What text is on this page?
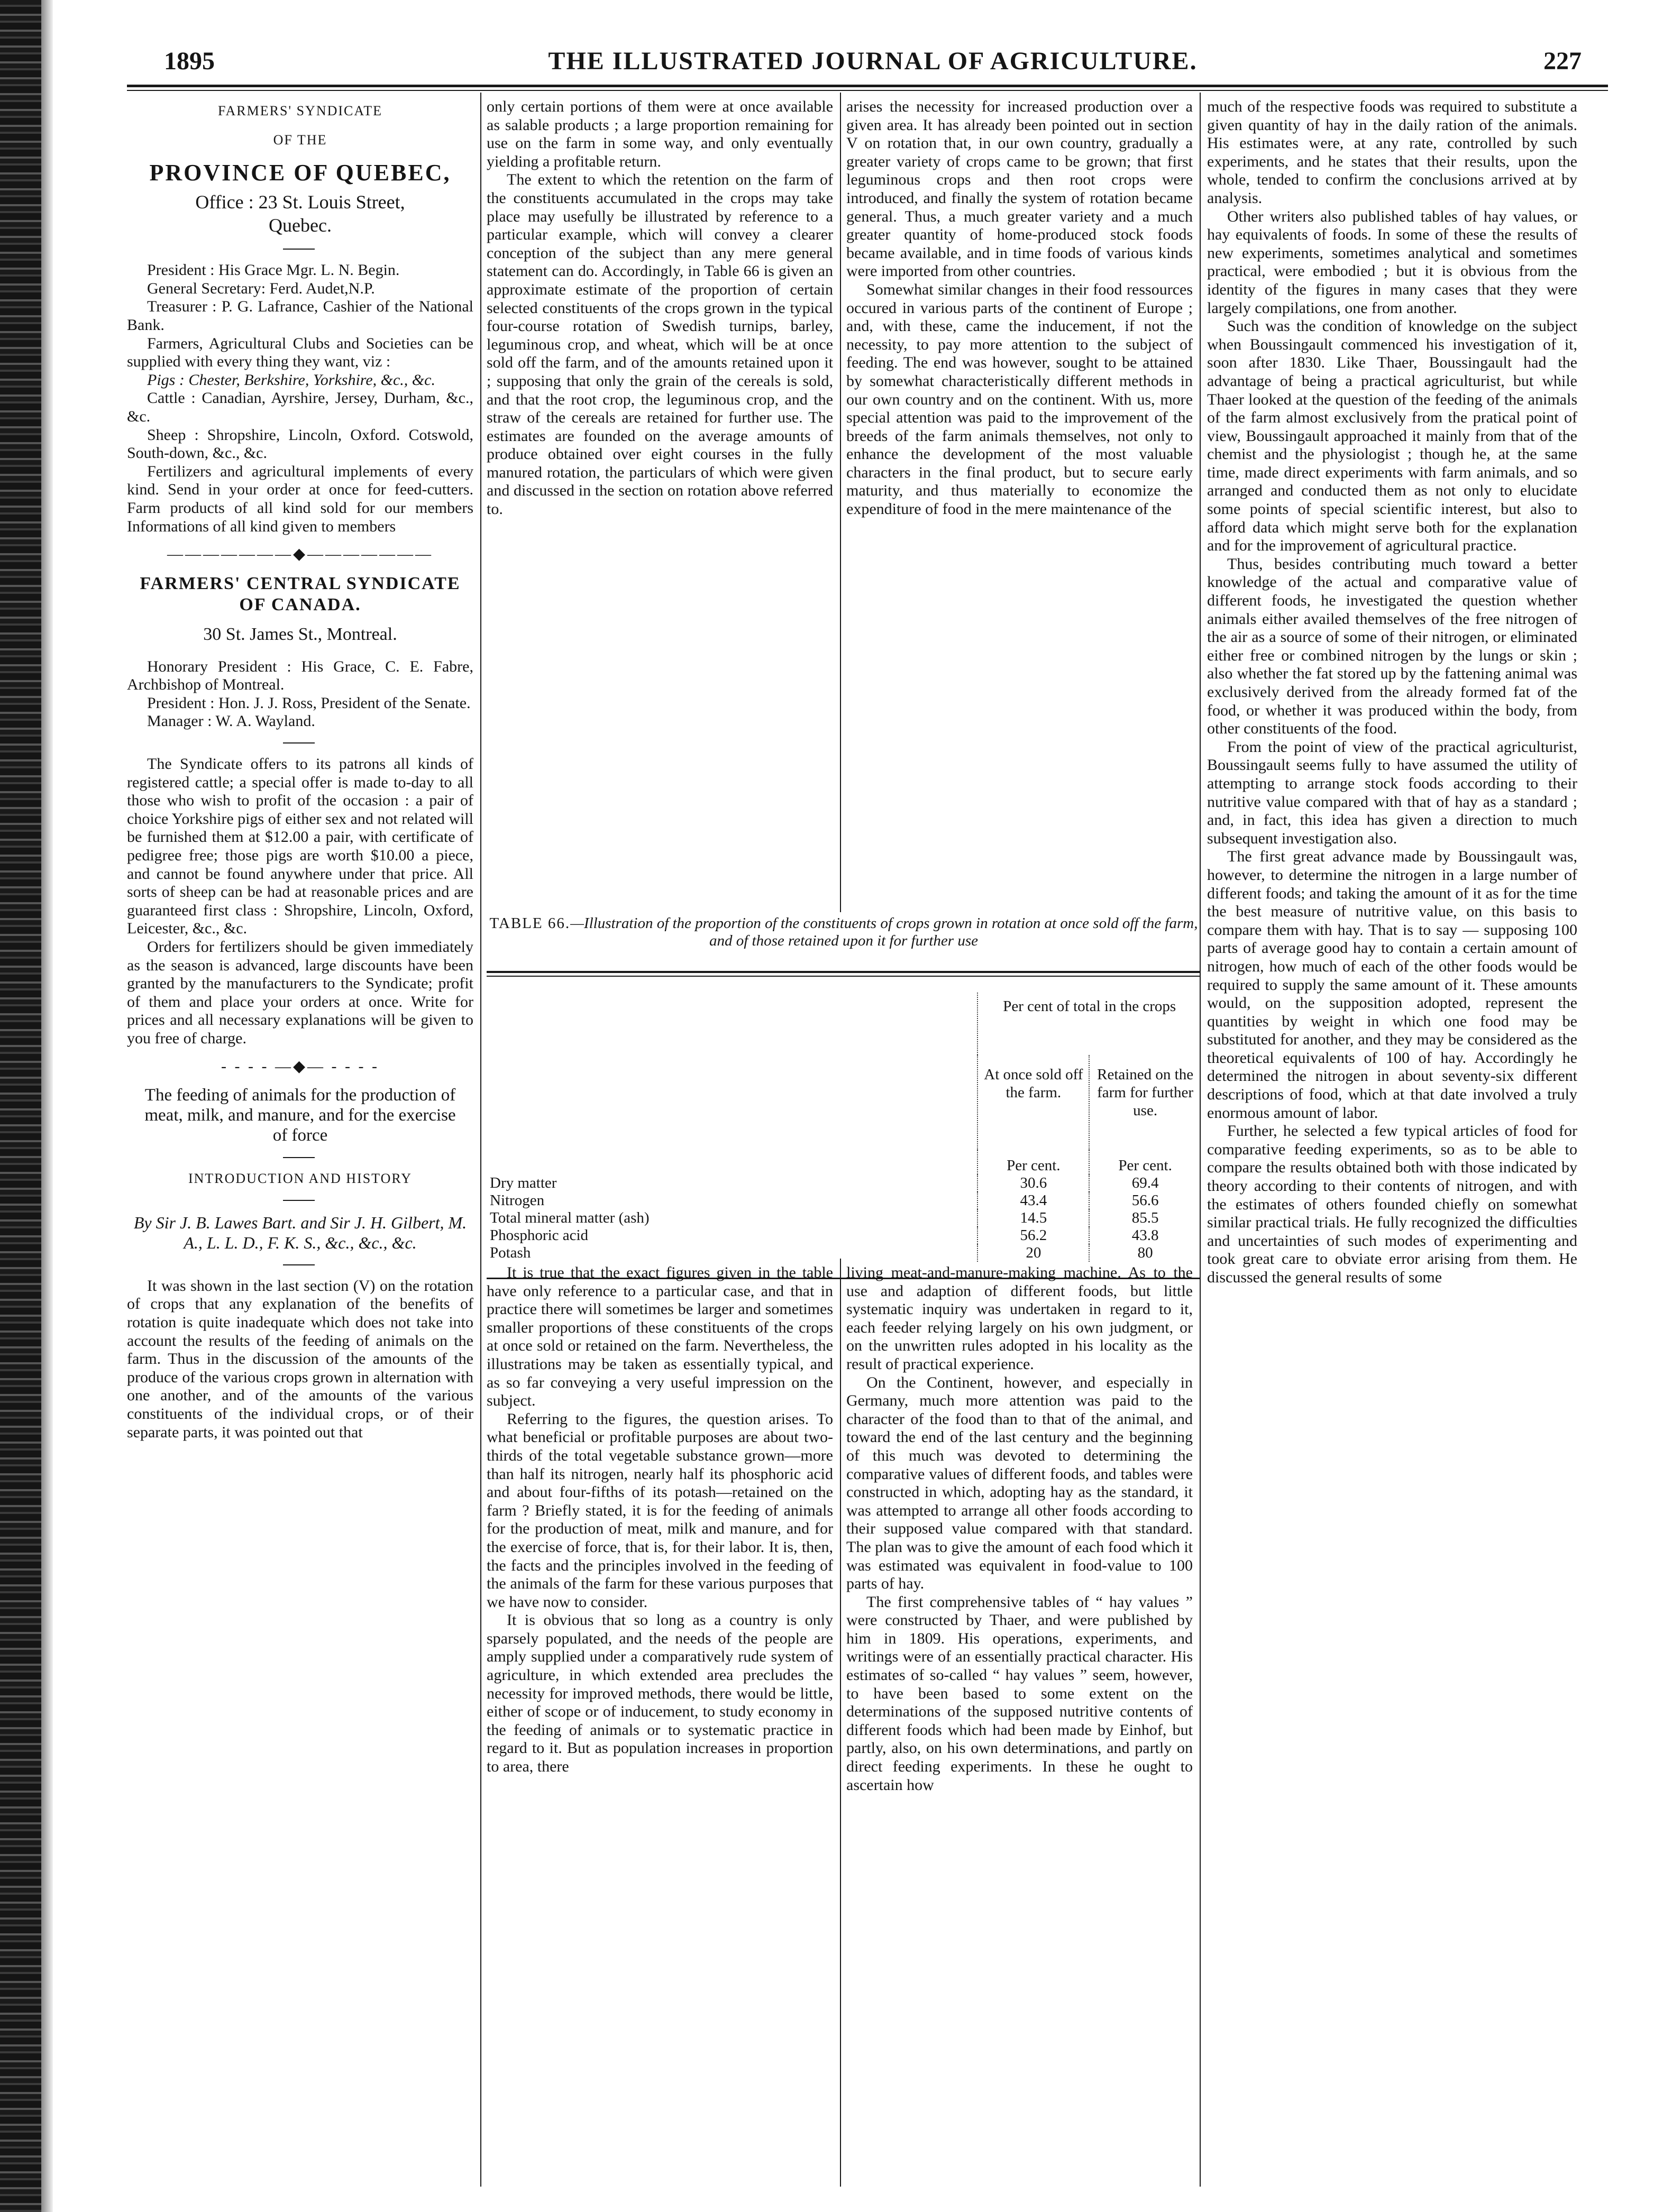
1895	THE ILLUSTRATED JOURNAL OF AGRICULTURE.	227

FARMERS' SYNDICATE

OF THE

PROVINCE OF QUEBEC,

Office : 23 St. Louis Street,

Quebec.

President : His Grace Mgr. L. N. Begin.

General Secretary: Ferd. Audet,N.P.

Treasurer : P. G. Lafrance, Cashier of the National Bank.

Farmers, Agricultural Clubs and Societies can be supplied with every thing they want, viz :

Pigs : Chester, Berkshire, Yorkshire, &c., &c.

Cattle : Canadian, Ayrshire, Jersey, Durham, &c., &c.

Sheep : Shropshire, Lincoln, Oxford. Cotswold, South-down, &c., &c.

Fertilizers and agricultural implements of every kind. Send in your order at once for feed-cutters. Farm products of all kind sold for our members Informations of all kind given to members

―――――――◆―――――――

FARMERS' CENTRAL SYNDICATE

OF CANADA.

30 St. James St., Montreal.

Honorary President : His Grace, C. E. Fabre, Archbishop of Montreal.

President : Hon. J. J. Ross, President of the Senate.

Manager : W. A. Wayland.

The Syndicate offers to its patrons all kinds of registered cattle; a special offer is made to-day to all those who wish to profit of the occasion : a pair of choice Yorkshire pigs of either sex and not related will be furnished them at $12.00 a pair, with certificate of pedigree free; those pigs are worth $10.00 a piece, and cannot be found anywhere under that price. All sorts of sheep can be had at reasonable prices and are guaranteed first class : Shropshire, Lincoln, Oxford, Leicester, &c., &c.

Orders for fertilizers should be given immediately as the season is advanced, large discounts have been granted by the manufacturers to the Syndicate; profit of them and place your orders at once. Write for prices and all necessary explanations will be given to you free of charge.

- - - - ―◆― - - - -

The feeding of animals for the production of meat, milk, and manure, and for the exercise of force

INTRODUCTION AND HISTORY

By Sir J. B. Lawes Bart. and Sir J. H. Gilbert, M. A., L. L. D., F. K. S., &c., &c., &c.

It was shown in the last section (V) on the rotation of crops that any explanation of the benefits of rotation is quite inadequate which does not take into account the results of the feeding of animals on the farm. Thus in the discussion of the amounts of the produce of the various crops grown in alternation with one another, and of the amounts of the various constituents of the individual crops, or of their separate parts, it was pointed out that

only certain portions of them were at once available as salable products ; a large proportion remaining for use on the farm in some way, and only eventually yielding a profitable return.

The extent to which the retention on the farm of the constituents accumulated in the crops may take place may usefully be illustrated by reference to a particular example, which will convey a clearer conception of the subject than any mere general statement can do. Accordingly, in Table 66 is given an approximate estimate of the proportion of certain selected constituents of the crops grown in the typical four-course rotation of Swedish turnips, barley, leguminous crop, and wheat, which will be at once sold off the farm, and of the amounts retained upon it ; supposing that only the grain of the cereals is sold, and that the root crop, the leguminous crop, and the straw of the cereals are retained for further use. The estimates are founded on the average amounts of produce obtained over eight courses in the fully manured rotation, the particulars of which were given and discussed in the section on rotation above referred to.

arises the necessity for increased production over a given area. It has already been pointed out in section V on rotation that, in our own country, gradually a greater variety of crops came to be grown; that first leguminous crops and then root crops were introduced, and finally the system of rotation became general. Thus, a much greater variety and a much greater quantity of home-produced stock foods became available, and in time foods of various kinds were imported from other countries.

Somewhat similar changes in their food ressources occured in various parts of the continent of Europe ; and, with these, came the inducement, if not the necessity, to pay more attention to the subject of feeding. The end was however, sought to be attained by somewhat characteristically different methods in our own country and on the continent. With us, more special attention was paid to the improvement of the breeds of the farm animals themselves, not only to enhance the development of the most valuable characters in the final product, but to secure early maturity, and thus materially to economize the expenditure of food in the mere maintenance of the

TABLE 66.—Illustration of the proportion of the constituents of crops grown in rotation at once sold off the farm, and of those retained upon it for further use
	Per cent of total in the crops	
	At once sold off the farm.	Retained on the farm for further use.
	Per cent.	Per cent.
Dry matter	30.6	69.4
Nitrogen	43.4	56.6
Total mineral matter (ash)	14.5	85.5
Phosphoric acid	56.2	43.8
Potash	20	80

It is true that the exact figures given in the table have only reference to a particular case, and that in practice there will sometimes be larger and sometimes smaller proportions of these constituents of the crops at once sold or retained on the farm. Nevertheless, the illustrations may be taken as essentially typical, and as so far conveying a very useful impression on the subject.

Referring to the figures, the question arises. To what beneficial or profitable purposes are about two-thirds of the total vegetable substance grown—more than half its nitrogen, nearly half its phosphoric acid and about four-fifths of its potash—retained on the farm ? Briefly stated, it is for the feeding of animals for the production of meat, milk and manure, and for the exercise of force, that is, for their labor. It is, then, the facts and the principles involved in the feeding of the animals of the farm for these various purposes that we have now to consider.

It is obvious that so long as a country is only sparsely populated, and the needs of the people are amply supplied under a comparatively rude system of agriculture, in which extended area precludes the necessity for improved methods, there would be little, either of scope or of inducement, to study economy in the feeding of animals or to systematic practice in regard to it. But as population increases in proportion to area, there

living meat-and-manure-making machine. As to the use and adaption of different foods, but little systematic inquiry was undertaken in regard to it, each feeder relying largely on his own judgment, or on the unwritten rules adopted in his locality as the result of practical experience.

On the Continent, however, and especially in Germany, much more attention was paid to the character of the food than to that of the animal, and toward the end of the last century and the beginning of this much was devoted to determining the comparative values of different foods, and tables were constructed in which, adopting hay as the standard, it was attempted to arrange all other foods according to their supposed value compared with that standard. The plan was to give the amount of each food which it was estimated was equivalent in food-value to 100 parts of hay.

The first comprehensive tables of “ hay values ” were constructed by Thaer, and were published by him in 1809. His operations, experiments, and writings were of an essentially practical character. His estimates of so-called “ hay values ” seem, however, to have been based to some extent on the determinations of the supposed nutritive contents of different foods which had been made by Einhof, but partly, also, on his own determinations, and partly on direct feeding experiments. In these he ought to ascertain how

much of the respective foods was required to substitute a given quantity of hay in the daily ration of the animals. His estimates were, at any rate, controlled by such experiments, and he states that their results, upon the whole, tended to confirm the conclusions arrived at by analysis.

Other writers also published tables of hay values, or hay equivalents of foods. In some of these the results of new experiments, sometimes analytical and sometimes practical, were embodied ; but it is obvious from the identity of the figures in many cases that they were largely compilations, one from another.

Such was the condition of knowledge on the subject when Boussingault commenced his investigation of it, soon after 1830. Like Thaer, Boussingault had the advantage of being a practical agriculturist, but while Thaer looked at the question of the feeding of the animals of the farm almost exclusively from the pratical point of view, Boussingault approached it mainly from that of the chemist and the physiologist ; though he, at the same time, made direct experiments with farm animals, and so arranged and conducted them as not only to elucidate some points of special scientific interest, but also to afford data which might serve both for the explanation and for the improvement of agricultural practice.

Thus, besides contributing much toward a better knowledge of the actual and comparative value of different foods, he investigated the question whether animals either availed themselves of the free nitrogen of the air as a source of some of their nitrogen, or eliminated either free or combined nitrogen by the lungs or skin ; also whether the fat stored up by the fattening animal was exclusively derived from the already formed fat of the food, or whether it was produced within the body, from other constituents of the food.

From the point of view of the practical agriculturist, Boussingault seems fully to have assumed the utility of attempting to arrange stock foods according to their nutritive value compared with that of hay as a standard ; and, in fact, this idea has given a direction to much subsequent investigation also.

The first great advance made by Boussingault was, however, to determine the nitrogen in a large number of different foods; and taking the amount of it as for the time the best measure of nutritive value, on this basis to compare them with hay. That is to say — supposing 100 parts of average good hay to contain a certain amount of nitrogen, how much of each of the other foods would be required to supply the same amount of it. These amounts would, on the supposition adopted, represent the quantities by weight in which one food may be substituted for another, and they may be considered as the theoretical equivalents of 100 of hay. Accordingly he determined the nitrogen in about seventy-six different descriptions of food, which at that date involved a truly enormous amount of labor.

Further, he selected a few typical articles of food for comparative feeding experiments, so as to be able to compare the results obtained both with those indicated by theory according to their contents of nitrogen, and with the estimates of others founded chiefly on somewhat similar practical trials. He fully recognized the difficulties and uncertainties of such modes of experimenting and took great care to obviate error arising from them. He discussed the general results of some
